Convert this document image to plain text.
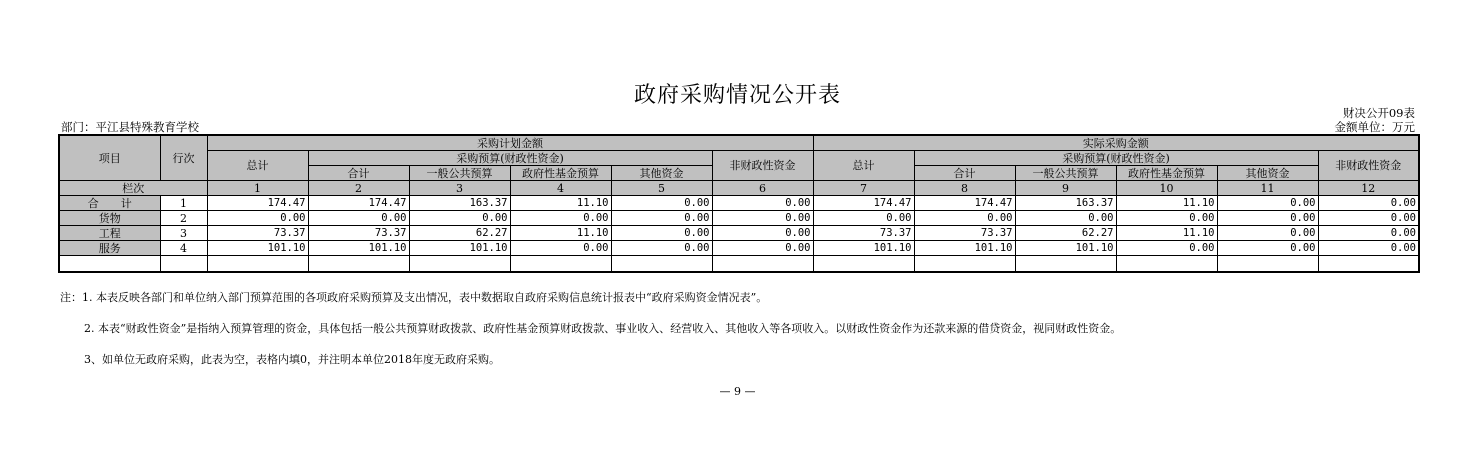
政府采购情况公开表
财决公开09表
部门：平江县特殊教育学校	金额单位：万元
项目	行次	采购计划金额						实际采购金额					
		总计	采购预算(财政性资金)				非财政性资金	总计	采购预算(财政性资金)				非财政性资金
			合计	一般公共预算	政府性基金预算	其他资金			合计	一般公共预算	政府性基金预算	其他资金	
栏次		1	2	3	4	5	6	7	8	9	10	11	12
合　　计	1	174.47	174.47	163.37	11.10	0.00	0.00	174.47	174.47	163.37	11.10	0.00	0.00
货物	2	0.00	0.00	0.00	0.00	0.00	0.00	0.00	0.00	0.00	0.00	0.00	0.00
工程	3	73.37	73.37	62.27	11.10	0.00	0.00	73.37	73.37	62.27	11.10	0.00	0.00
服务	4	101.10	101.10	101.10	0.00	0.00	0.00	101.10	101.10	101.10	0.00	0.00	0.00

注：1. 本表反映各部门和单位纳入部门预算范围的各项政府采购预算及支出情况，表中数据取自政府采购信息统计报表中“政府采购资金情况表”。
2. 本表“财政性资金”是指纳入预算管理的资金，具体包括一般公共预算财政拨款、政府性基金预算财政拨款、事业收入、经营收入、其他收入等各项收入。以财政性资金作为还款来源的借贷资金，视同财政性资金。
3、如单位无政府采购，此表为空，表格内填0，并注明本单位2018年度无政府采购。
— 9 —
